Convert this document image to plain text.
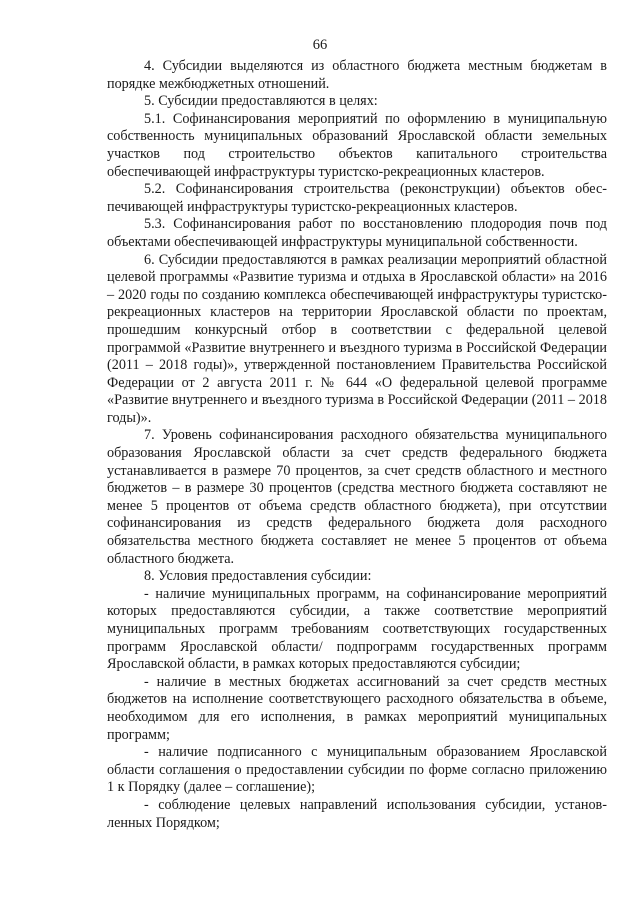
66

4. Субсидии выделяются из областного бюджета местным бюджетам в порядке межбюджетных отношений.

5. Субсидии предоставляются в целях:

5.1. Софинансирования мероприятий по оформлению в муниципальную собственность муниципальных образований Ярославской области земельных участков под строительство объектов капитального строительства обеспечивающей инфраструктуры туристско-рекреационных кластеров.

5.2. Софинансирования строительства (реконструкции) объектов обеспечивающей инфраструктуры туристско-рекреационных кластеров.

5.3. Софинансирования работ по восстановлению плодородия почв под объектами обеспечивающей инфраструктуры муниципальной собственности.

6. Субсидии предоставляются в рамках реализации мероприятий областной целевой программы «Развитие туризма и отдыха в Ярославской области» на 2016 – 2020 годы по созданию комплекса обеспечивающей инфраструктуры туристско-рекреационных кластеров на территории Ярославской области по проектам, прошедшим конкурсный отбор в соответствии с федеральной целевой программой «Развитие внутреннего и въездного туризма в Российской Федерации (2011 – 2018 годы)», утвержденной постановлением Правительства Российской Федерации от 2 августа 2011 г. № 644 «О федеральной целевой программе «Развитие внутреннего и въездного туризма в Российской Федерации (2011 – 2018 годы)».

7. Уровень софинансирования расходного обязательства муниципального образования Ярославской области за счет средств федерального бюджета устанавливается в размере 70 процентов, за счет средств областного и местного бюджетов – в размере 30 процентов (средства местного бюджета составляют не менее 5 процентов от объема средств областного бюджета), при отсутствии софинансирования из средств федерального бюджета доля расходного обязательства местного бюджета составляет не менее 5 процентов от объема областного бюджета.

8. Условия предоставления субсидии:

- наличие муниципальных программ, на софинансирование мероприятий которых предоставляются субсидии, а также соответствие мероприятий муниципальных программ требованиям соответствующих государственных программ Ярославской области/ подпрограмм государственных программ Ярославской области, в рамках которых предоставляются субсидии;

- наличие в местных бюджетах ассигнований за счет средств местных бюджетов на исполнение соответствующего расходного обязательства в объеме, необходимом для его исполнения, в рамках мероприятий муниципальных программ;

- наличие подписанного с муниципальным образованием Ярославской области соглашения о предоставлении субсидии по форме согласно приложению 1 к Порядку (далее – соглашение);

- соблюдение целевых направлений использования субсидии, установленных Порядком;
